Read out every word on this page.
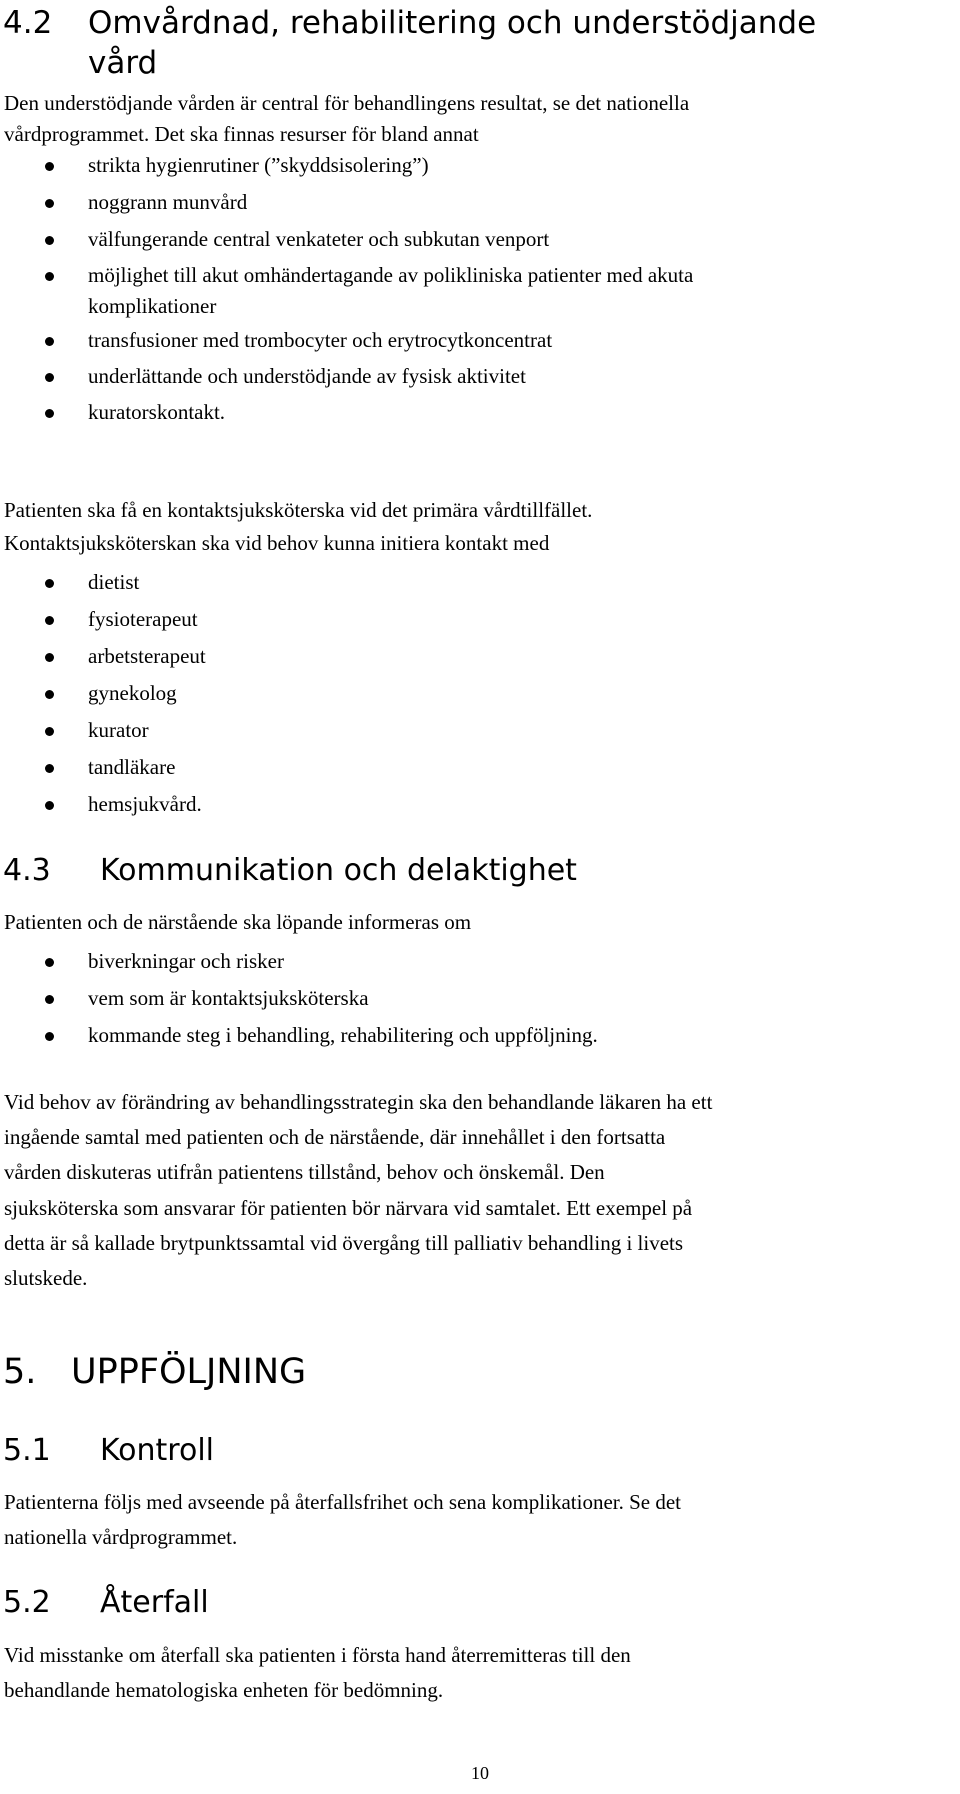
4.2 Omvårdnad, rehabilitering och understödjande
vård

Den understödjande vården är central för behandlingens resultat, se det nationella

vårdprogrammet. Det ska finnas resurser för bland annat

strikta hygienrutiner (”skyddsisolering”)
noggrann munvård
välfungerande central venkateter och subkutan venport
möjlighet till akut omhändertagande av polikliniska patienter med akuta
komplikationer
transfusioner med trombocyter och erytrocytkoncentrat
underlättande och understödjande av fysisk aktivitet
kuratorskontakt.

Patienten ska få en kontaktsjuksköterska vid det primära vårdtillfället.

Kontaktsjuksköterskan ska vid behov kunna initiera kontakt med

dietist
fysioterapeut
arbetsterapeut
gynekolog
kurator
tandläkare
hemsjukvård.
4.3 Kommunikation och delaktighet

Patienten och de närstående ska löpande informeras om

biverkningar och risker
vem som är kontaktsjuksköterska
kommande steg i behandling, rehabilitering och uppföljning.

Vid behov av förändring av behandlingsstrategin ska den behandlande läkaren ha ett

ingående samtal med patienten och de närstående, där innehållet i den fortsatta

vården diskuteras utifrån patientens tillstånd, behov och önskemål. Den

sjuksköterska som ansvarar för patienten bör närvara vid samtalet. Ett exempel på

detta är så kallade brytpunktssamtal vid övergång till palliativ behandling i livets

slutskede.

5. UPPFÖLJNING
5.1 Kontroll

Patienterna följs med avseende på återfallsfrihet och sena komplikationer. Se det

nationella vårdprogrammet.

5.2 Återfall

Vid misstanke om återfall ska patienten i första hand återremitteras till den

behandlande hematologiska enheten för bedömning.

10
